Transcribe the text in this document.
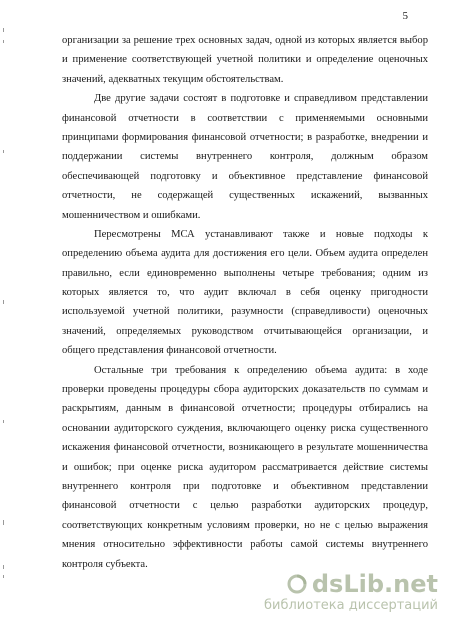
5
организации за решение трех основных задач, одной из которых является выбор
и применение соответствующей учетной политики и определение оценочных
значений, адекватных текущим обстоятельствам.
Две другие задачи состоят в подготовке и справедливом представлении
финансовой отчетности в соответствии с применяемыми основными
принципами формирования финансовой отчетности; в разработке, внедрении и
поддержании системы внутреннего контроля, должным образом
обеспечивающей подготовку и объективное представление финансовой
отчетности, не содержащей существенных искажений, вызванных
мошенничеством и ошибками.
Пересмотрены МСА устанавливают также и новые подходы к
определению объема аудита для достижения его цели. Объем аудита определен
правильно, если единовременно выполнены четыре требования; одним из
которых является то, что аудит включал в себя оценку пригодности
используемой учетной политики, разумности (справедливости) оценочных
значений, определяемых руководством отчитывающейся организации, и
общего представления финансовой отчетности.
Остальные три требования к определению объема аудита: в ходе
проверки проведены процедуры сбора аудиторских доказательств по суммам и
раскрытиям, данным в финансовой отчетности; процедуры отбирались на
основании аудиторского суждения, включающего оценку риска существенного
искажения финансовой отчетности, возникающего в результате мошенничества
и ошибок; при оценке риска аудитором рассматривается действие системы
внутреннего контроля при подготовке и объективном представлении
финансовой отчетности с целью разработки аудиторских процедур,
соответствующих конкретным условиям проверки, но не с целью выражения
мнения относительно эффективности работы самой системы внутреннего
контроля субъекта.
dsLib.net
библиотека диссертаций
